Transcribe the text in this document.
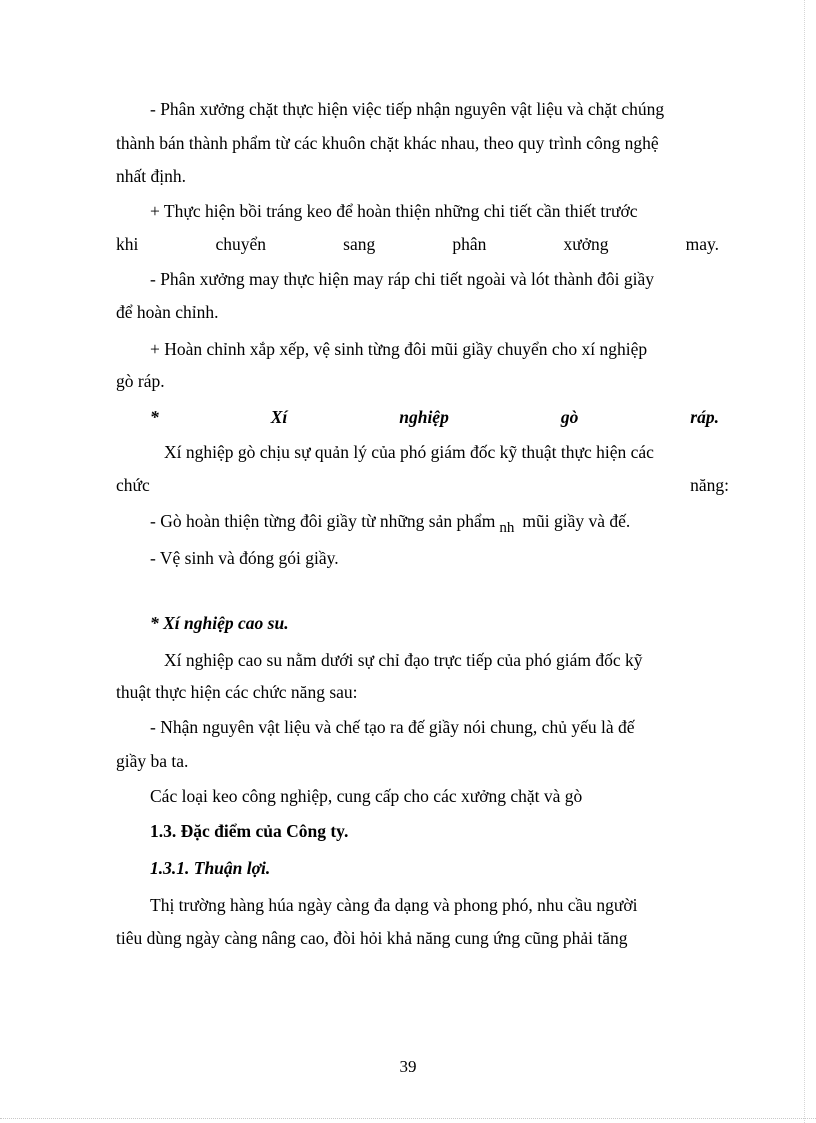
- Phân xưởng chặt thực hiện việc tiếp nhận nguyên vật liệu và chặt chúng
thành bán thành phẩm từ các khuôn chặt khác nhau, theo quy trình công nghệ
nhất định.
+ Thực hiện bồi tráng keo để hoàn thiện những chi tiết cần thiết trước
khi	chuyển	sang	phân	xưởng	may.
- Phân xưởng may thực hiện may ráp chi tiết ngoài và lót thành đôi giầy
để hoàn chỉnh.
+ Hoàn chỉnh xắp xếp, vệ sinh từng đôi mũi giầy chuyển cho xí nghiệp
gò ráp.
*	Xí	nghiệp	gò	ráp.
Xí nghiệp gò chịu sự quản lý của phó giám đốc kỹ thuật thực hiện các
chức	năng:
- Gò hoàn thiện từng đôi giầy từ những sản phẩm nh mũi giầy và đế.
- Vệ sinh và đóng gói giầy.
* Xí nghiệp cao su.
Xí nghiệp cao su nằm dưới sự chỉ đạo trực tiếp của phó giám đốc kỹ
thuật thực hiện các chức năng sau:
- Nhận nguyên vật liệu và chế tạo ra đế giầy nói chung, chủ yếu là đế
giầy ba ta.
Các loại keo công nghiệp, cung cấp cho các xưởng chặt và gò
1.3. Đặc điểm của Công ty.
1.3.1. Thuận lợi.
Thị trường hàng húa ngày càng đa dạng và phong phó, nhu cầu người
tiêu dùng ngày càng nâng cao, đòi hỏi khả năng cung ứng cũng phải tăng
39
